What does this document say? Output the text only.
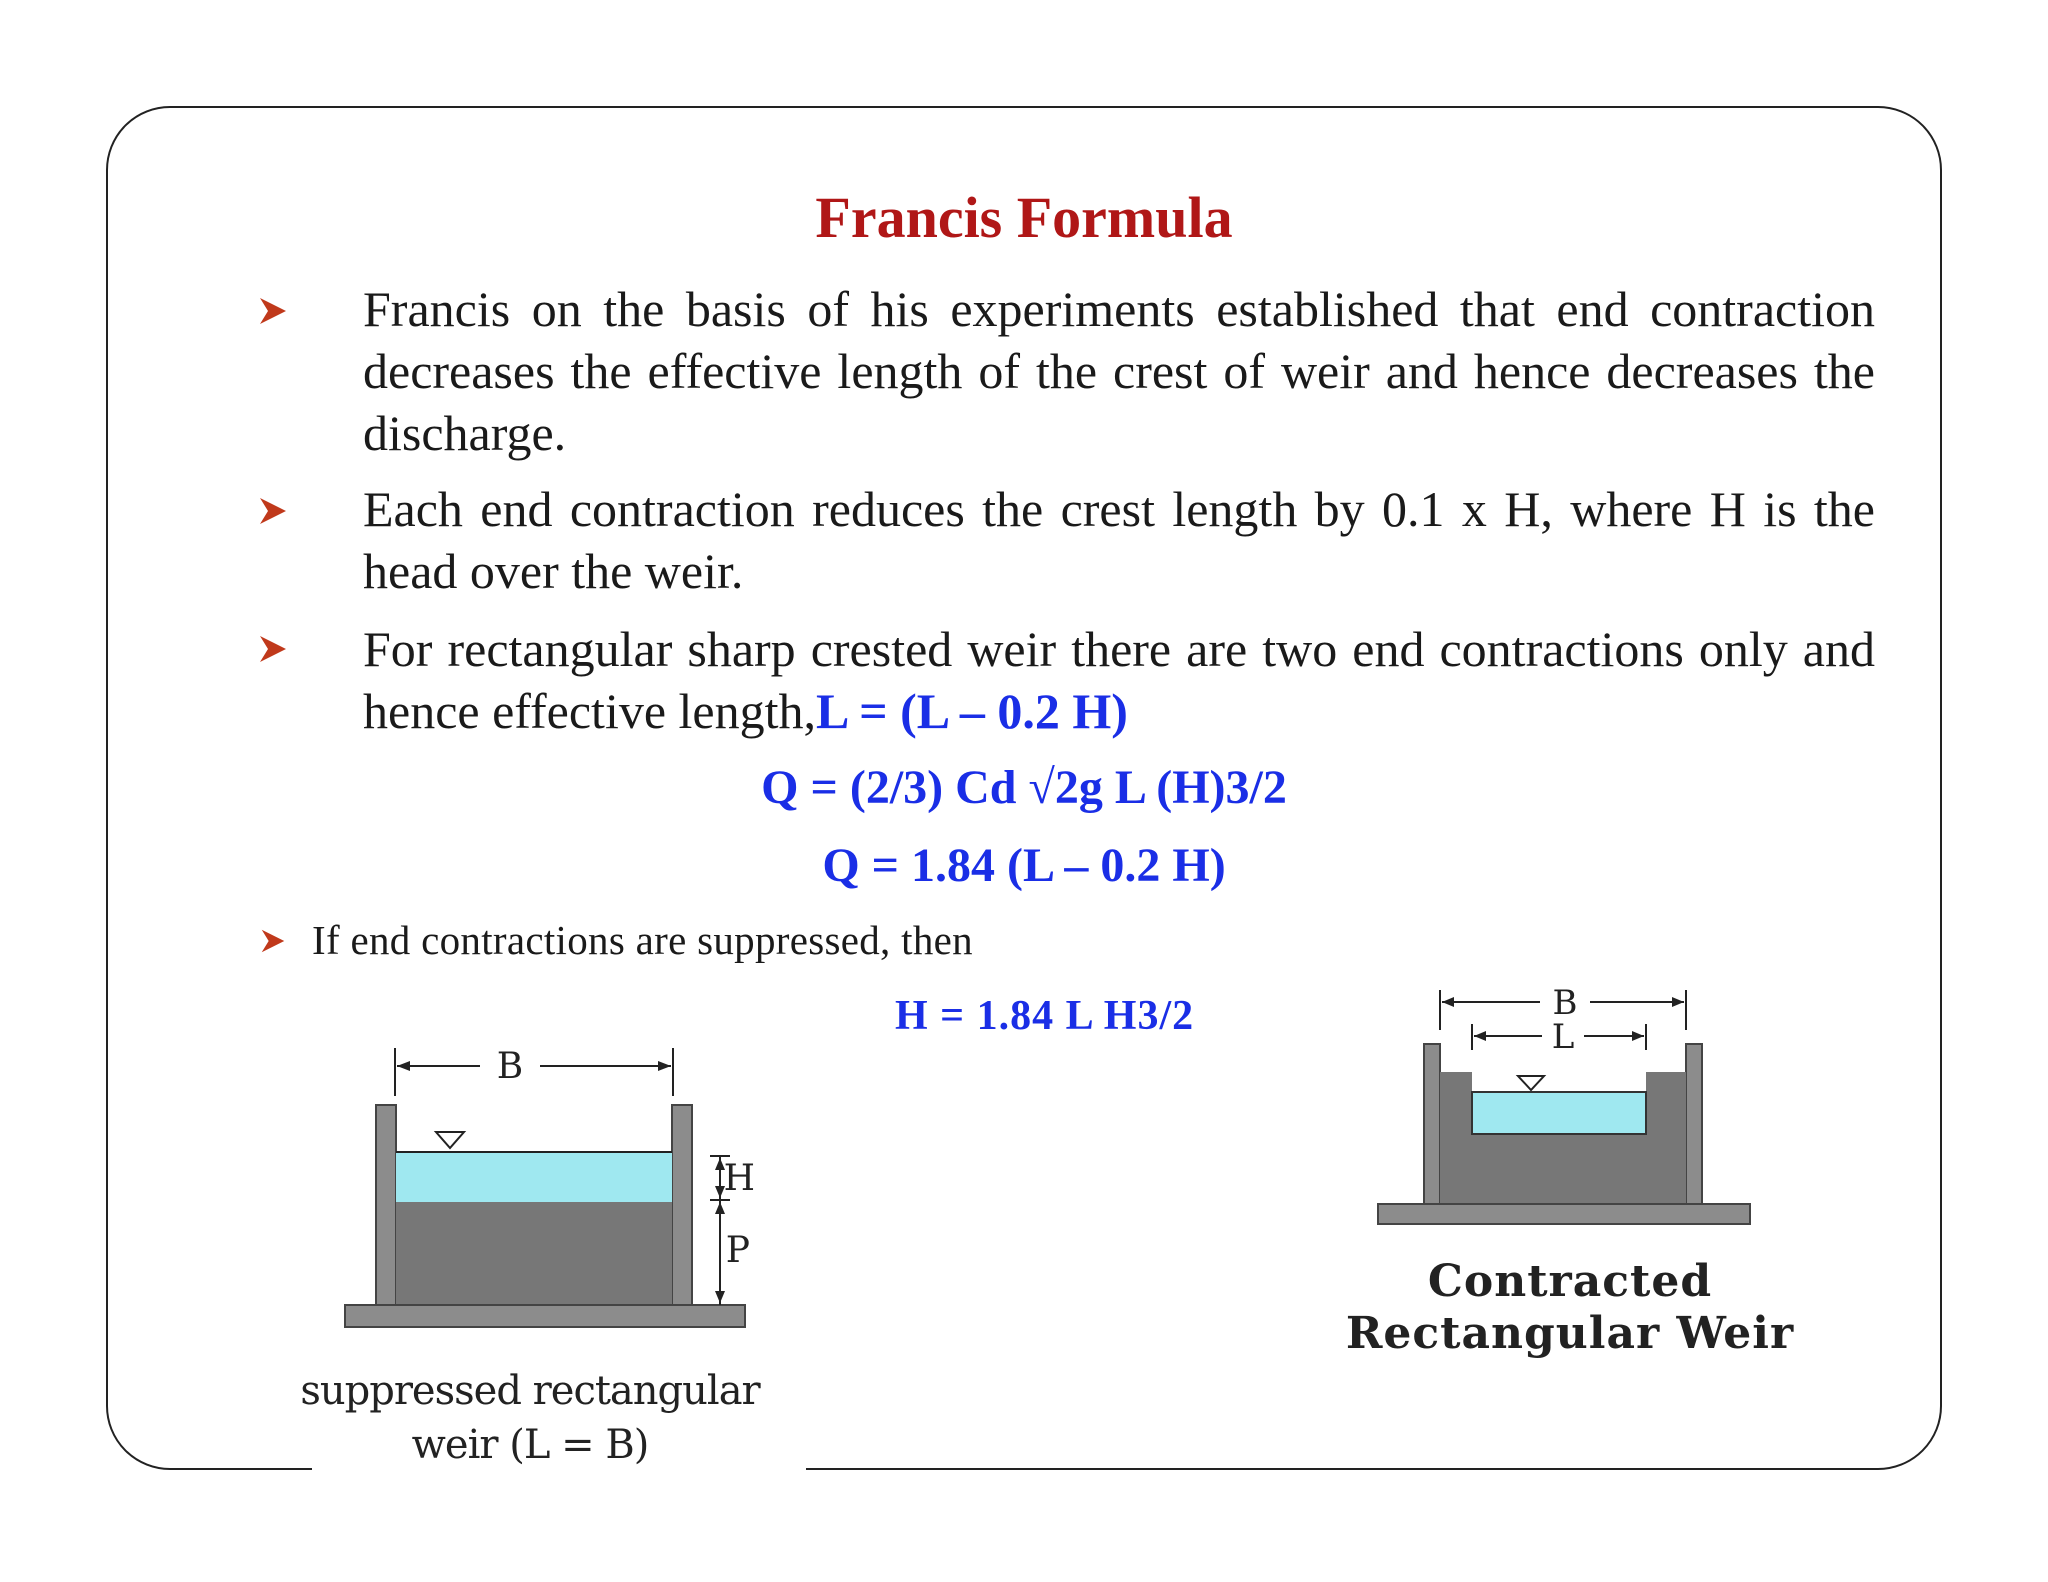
Francis Formula
Francis on the basis of his experiments established that end contraction decreases the effective length of the crest of weir and hence decreases the discharge.
Each end contraction reduces the crest length by 0.1 x H, where H is the head over the weir.
For rectangular sharp crested weir there are two end contractions only and hence effective length,L = (L – 0.2 H)
Q = (2/3) Cd √2g L (H)3/2
Q = 1.84 (L – 0.2 H)
If end contractions are suppressed, then
H = 1.84 L H3/2
B
H
P
suppressed rectangular
weir (L = B)
B
L
Contracted
Rectangular Weir
